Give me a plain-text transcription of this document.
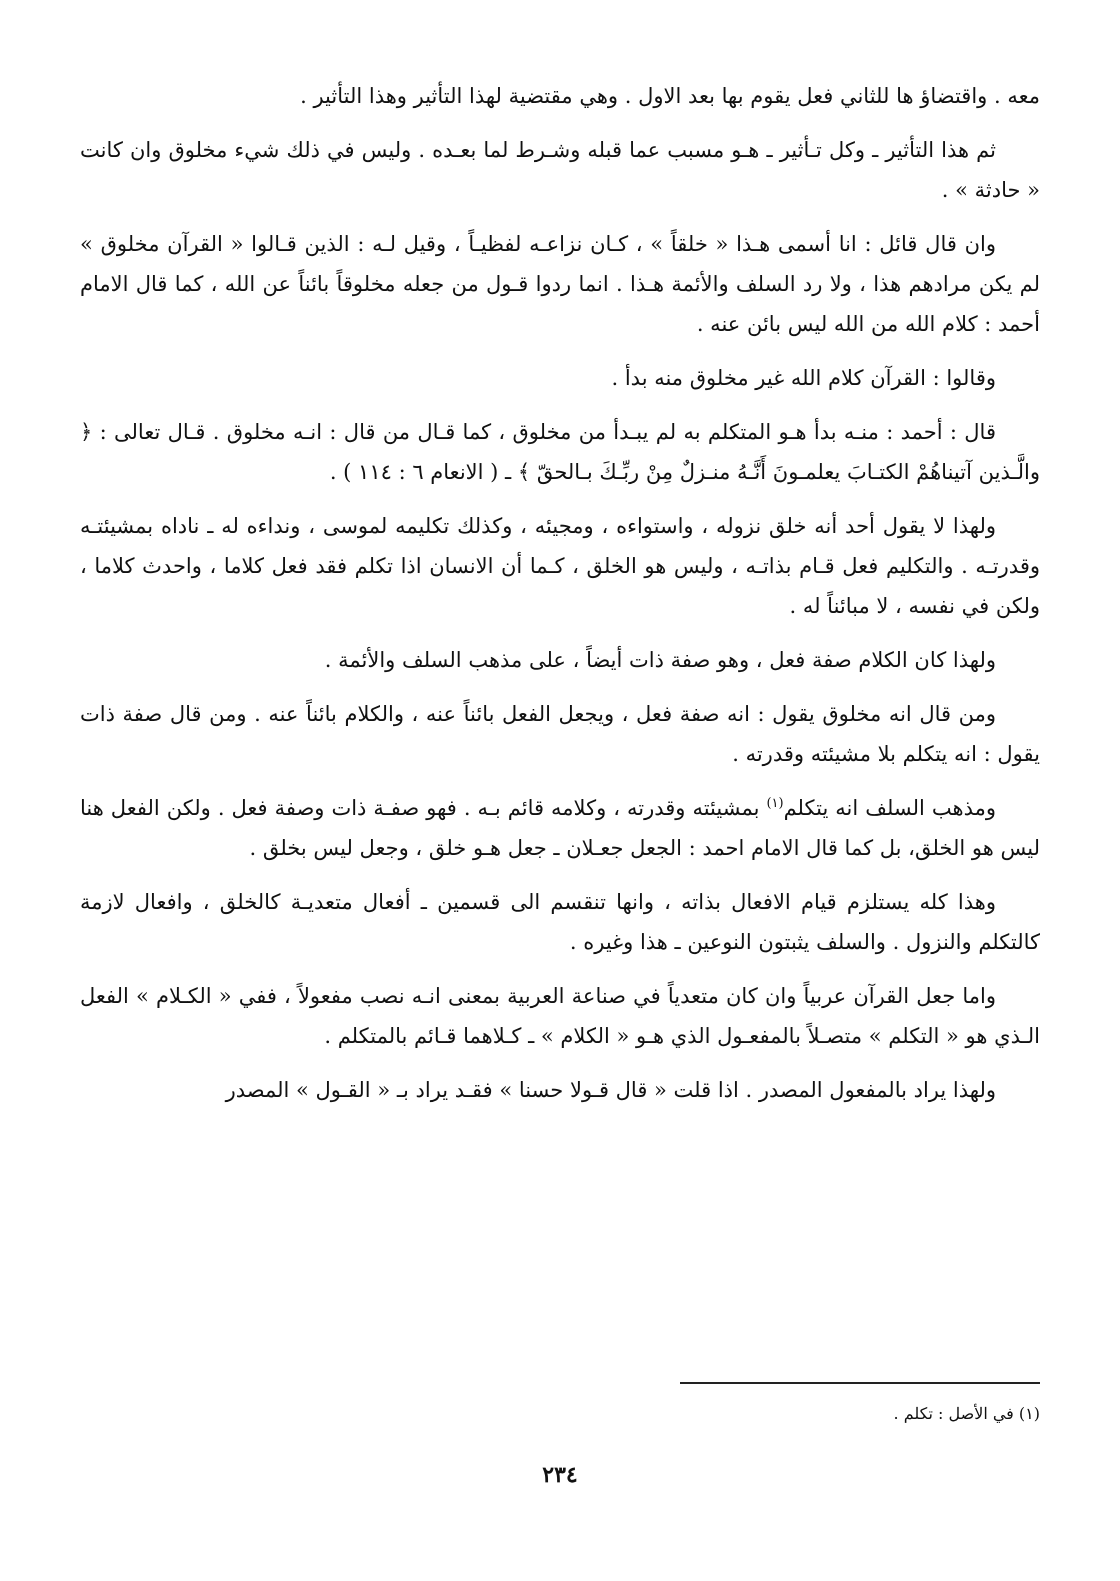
معه . واقتضاؤ ها للثاني فعل يقوم بها بعد الاول . وهي مقتضية لهذا التأثير وهذا التأثير .

ثم هذا التأثير ـ وكل تـأثير ـ هـو مسبب عما قبله وشـرط لما بعـده . وليس في ذلك شيء مخلوق وان كانت « حادثة » .

وان قال قائل : انا أسمى هـذا « خلقاً » ، كـان نزاعـه لفظيـاً ، وقيل لـه : الذين قـالوا « القرآن مخلوق » لم يكن مرادهم هذا ، ولا رد السلف والأئمة هـذا . انما ردوا قـول من جعله مخلوقاً بائناً عن الله ، كما قال الامام أحمد : كلام الله من الله ليس بائن عنه .

وقالوا : القرآن كلام الله غير مخلوق منه بدأ .

قال : أحمد : منـه بدأ هـو المتكلم به لم يبـدأ من مخلوق ، كما قـال من قال : انـه مخلوق . قـال تعالى : ﴿ والَّـذين آتيناهُمْ الكتـابَ يعلمـونَ أَنَّـهُ منـزلٌ مِنْ ربِّـكَ بـالحقّ ﴾ ـ ( الانعام ٦ : ١١٤ ) .

ولهذا لا يقول أحد أنه خلق نزوله ، واستواءه ، ومجيئه ، وكذلك تكليمه لموسى ، ونداءه له ـ ناداه بمشيئتـه وقدرتـه . والتكليم فعل قـام بذاتـه ، وليس هو الخلق ، كـما أن الانسان اذا تكلم فقد فعل كلاما ، واحدث كلاما ، ولكن في نفسه ، لا مبائناً له .

ولهذا كان الكلام صفة فعل ، وهو صفة ذات أيضاً ، على مذهب السلف والأئمة .

ومن قال انه مخلوق يقول : انه صفة فعل ، ويجعل الفعل بائناً عنه ، والكلام بائناً عنه . ومن قال صفة ذات يقول : انه يتكلم بلا مشيئته وقدرته .

ومذهب السلف انه يتكلم$^{(١)}$ بمشيئته وقدرته ، وكلامه قائم بـه . فهو صفـة ذات وصفة فعل . ولكن الفعل هنا ليس هو الخلق، بل كما قال الامام احمد : الجعل جعـلان ـ جعل هـو خلق ، وجعل ليس بخلق .

وهذا كله يستلزم قيام الافعال بذاته ، وانها تنقسم الى قسمين ـ أفعال متعديـة كالخلق ، وافعال لازمة كالتكلم والنزول . والسلف يثبتون النوعين ـ هذا وغيره .

واما جعل القرآن عربياً وان كان متعدياً في صناعة العربية بمعنى انـه نصب مفعولاً ، ففي « الكـلام » الفعل الـذي هو « التكلم » متصـلاً بالمفعـول الذي هـو « الكلام » ـ كـلاهما قـائم بالمتكلم .

ولهذا يراد بالمفعول المصدر . اذا قلت « قال قـولا حسنا » فقـد يراد بـ « القـول » المصدر

(١) في الأصل : تكلم .
٢٣٤
